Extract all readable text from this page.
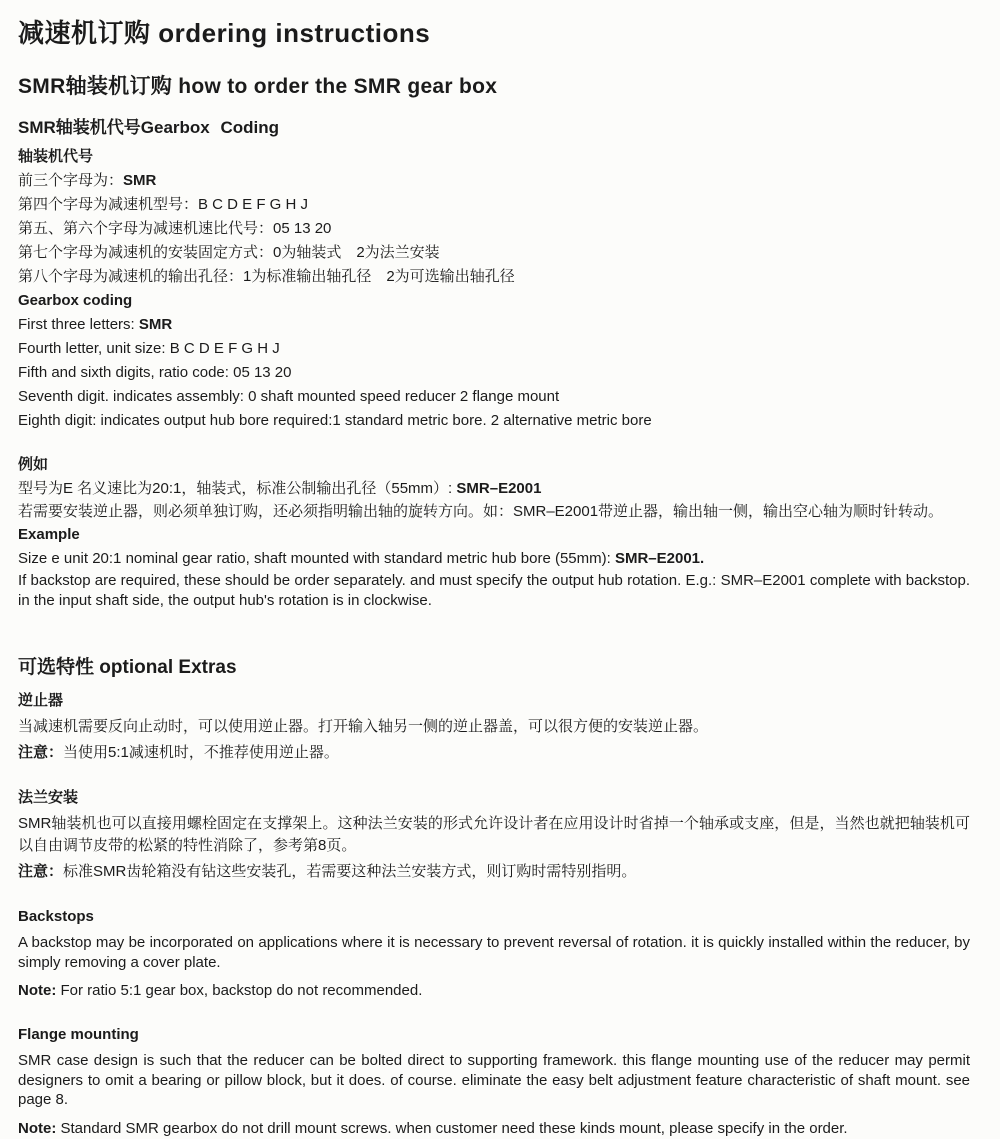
减速机订购 ordering instructions
SMR轴装机订购 how to order the SMR gear box
SMR轴装机代号Gearbox Coding
轴装机代号

前三个字母为：SMR

第四个字母为减速机型号：B C D E F G H J

第五、第六个字母为减速机速比代号：05 13 20

第七个字母为减速机的安装固定方式：0为轴装式　2为法兰安装

第八个字母为减速机的输出孔径：1为标准输出轴孔径　2为可选输出轴孔径

Gearbox coding

First three letters: SMR

Fourth letter, unit size: B C D E F G H J

Fifth and sixth digits, ratio code: 05 13 20

Seventh digit. indicates assembly: 0 shaft mounted speed reducer 2 flange mount

Eighth digit: indicates output hub bore required:1 standard metric bore. 2 alternative metric bore

例如

型号为E 名义速比为20:1，轴装式，标准公制输出孔径（55mm）: SMR–E2001

若需要安装逆止器，则必须单独订购，还必须指明输出轴的旋转方向。如：SMR–E2001带逆止器，输出轴一侧，输出空心轴为顺时针转动。

Example

Size e unit 20:1 nominal gear ratio, shaft mounted with standard metric hub bore (55mm): SMR–E2001.

If backstop are required, these should be order separately. and must specify the output hub rotation. E.g.: SMR–E2001 complete with backstop. in the input shaft side, the output hub's rotation is in clockwise.

可选特性 optional Extras
逆止器

当减速机需要反向止动时，可以使用逆止器。打开输入轴另一侧的逆止器盖，可以很方便的安装逆止器。

注意：当使用5:1减速机时，不推荐使用逆止器。

法兰安装

SMR轴装机也可以直接用螺栓固定在支撑架上。这种法兰安装的形式允许设计者在应用设计时省掉一个轴承或支座，但是，当然也就把轴装机可以自由调节皮带的松紧的特性消除了，参考第8页。

注意：标准SMR齿轮箱没有钻这些安装孔，若需要这种法兰安装方式，则订购时需特别指明。

Backstops

A backstop may be incorporated on applications where it is necessary to prevent reversal of rotation. it is quickly installed within the reducer, by simply removing a cover plate.

Note: For ratio 5:1 gear box, backstop do not recommended.

Flange mounting

SMR case design is such that the reducer can be bolted direct to supporting framework. this flange mounting use of the reducer may permit designers to omit a bearing or pillow block, but it does. of course. eliminate the easy belt adjustment feature characteristic of shaft mount. see page 8.

Note: Standard SMR gearbox do not drill mount screws. when customer need these kinds mount, please specify in the order.
